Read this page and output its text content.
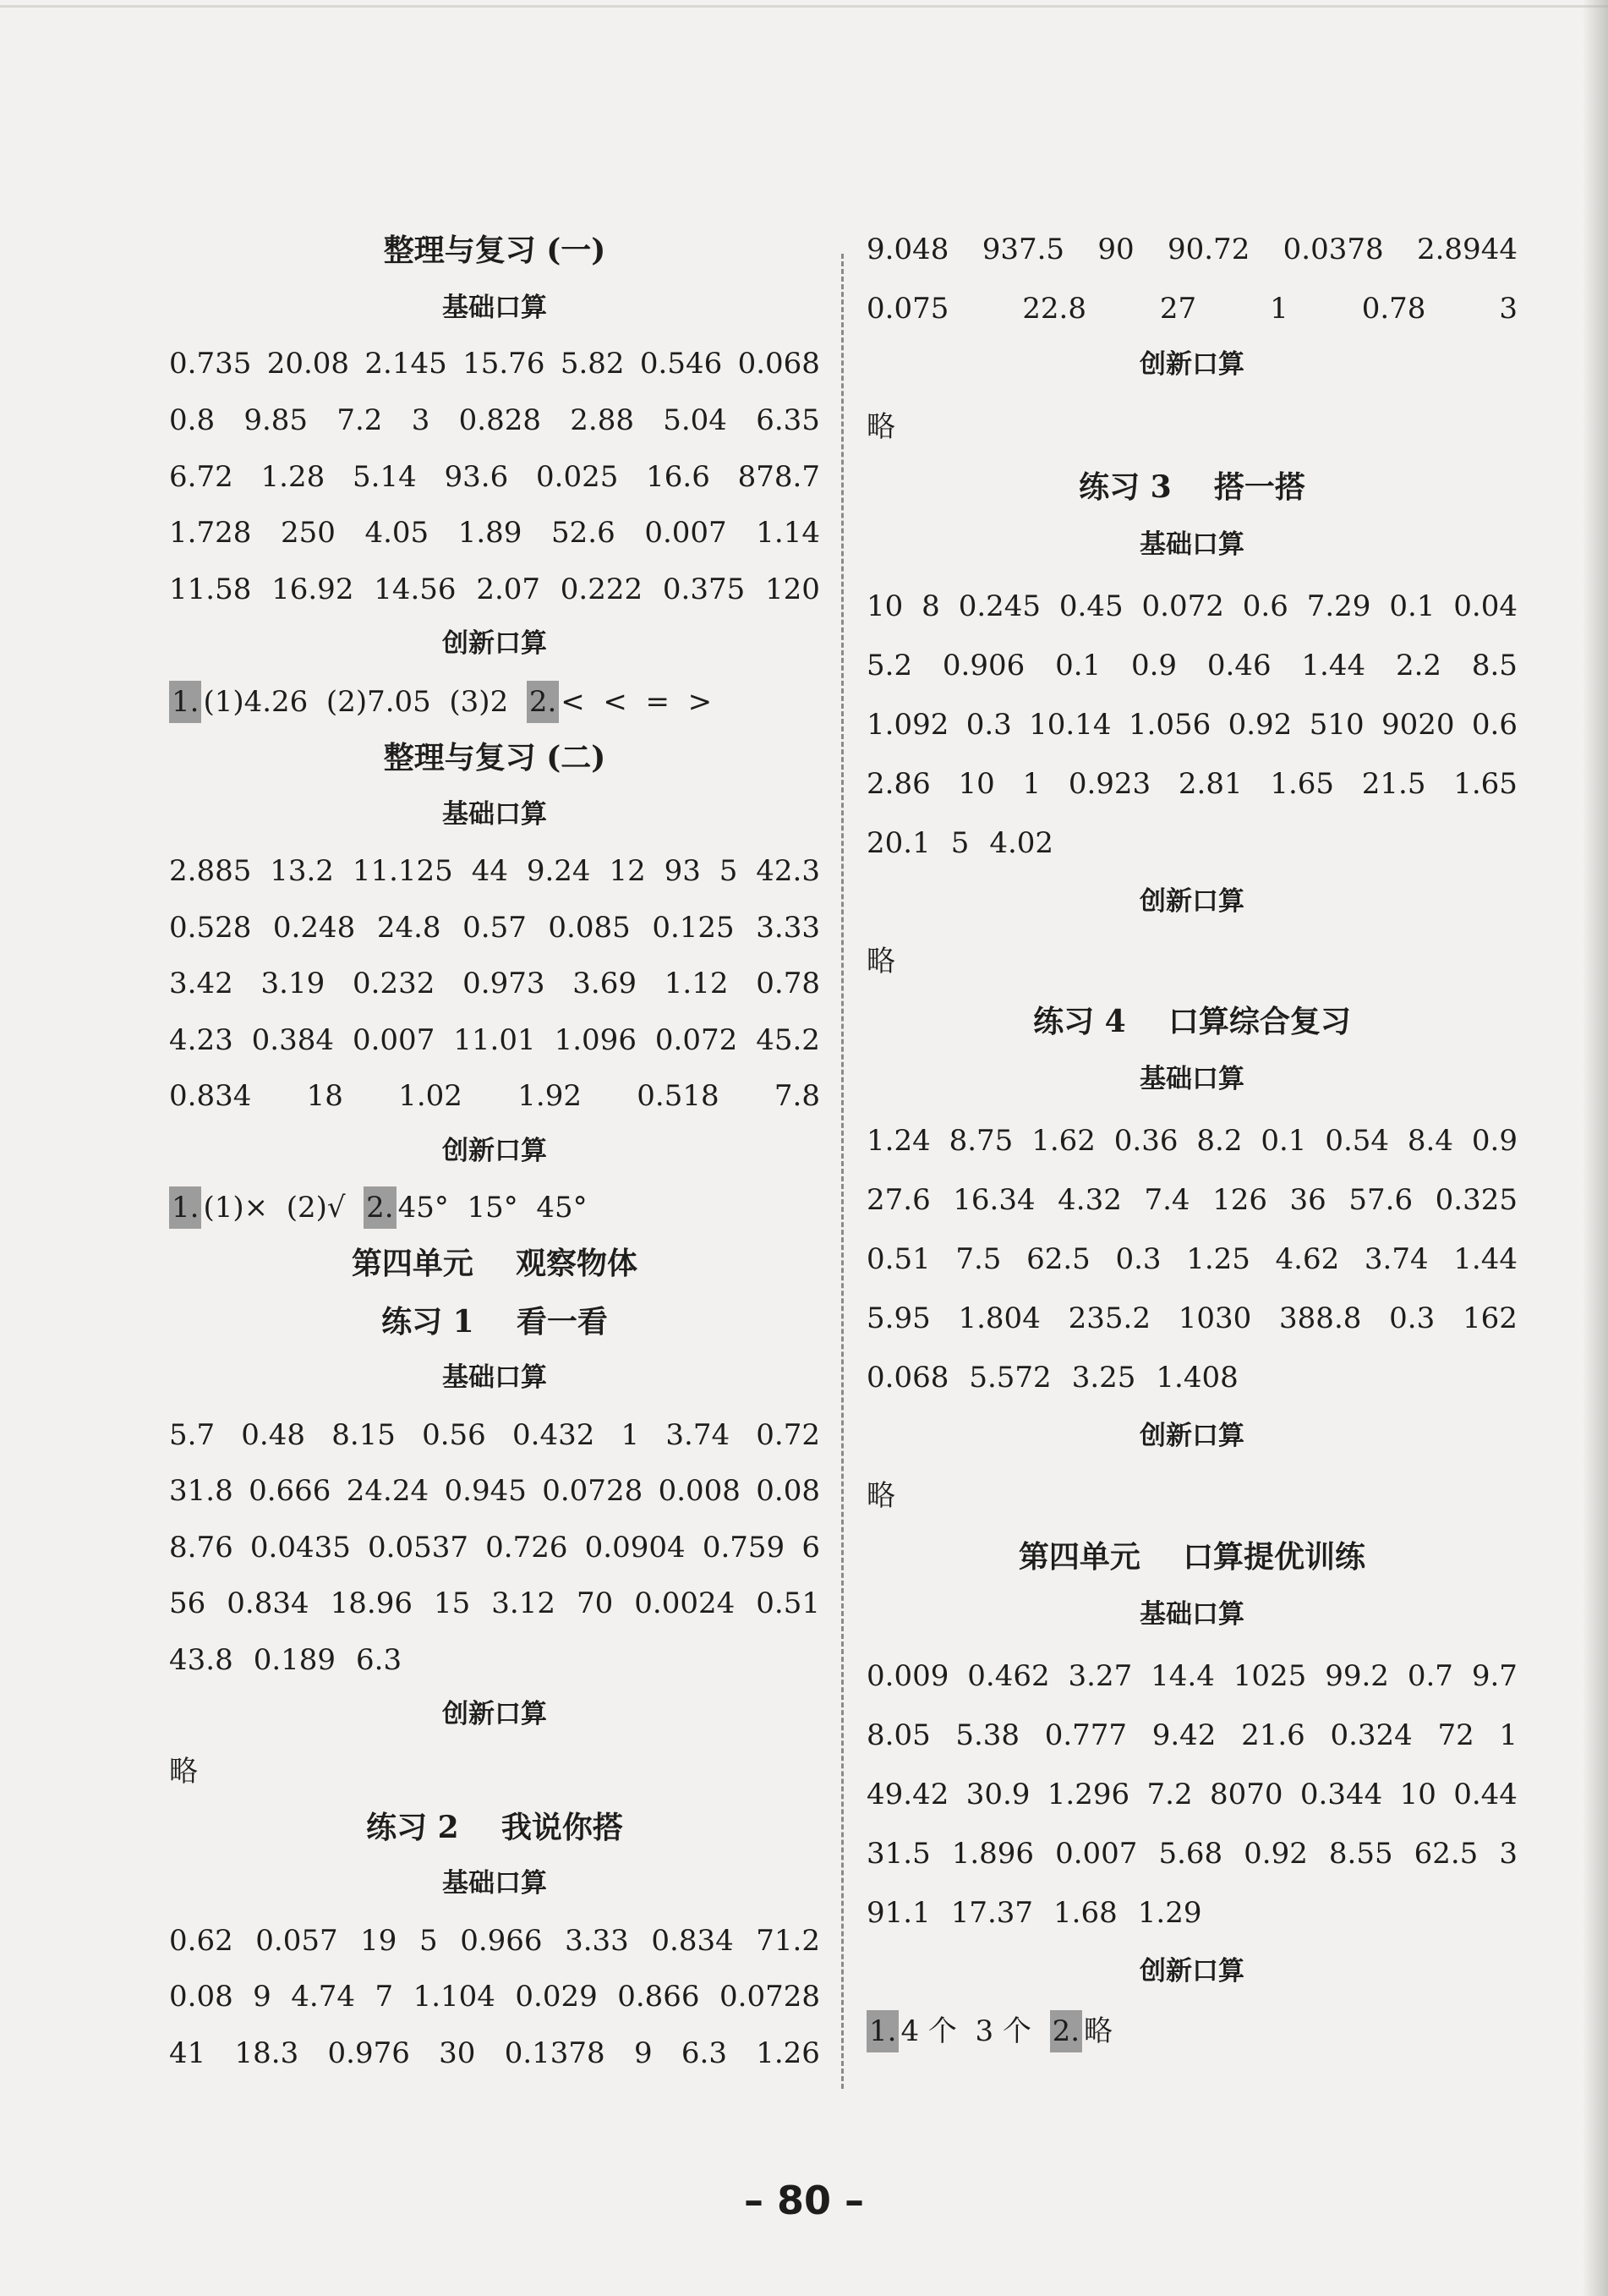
整理与复习 (一)
基础口算
0.735 20.08 2.145 15.76 5.82 0.546 0.068
0.8 9.85 7.2 3 0.828 2.88 5.04 6.35
6.72 1.28 5.14 93.6 0.025 16.6 878.7
1.728 250 4.05 1.89 52.6 0.007 1.14
11.58 16.92 14.56 2.07 0.222 0.375 120
创新口算
1. (1)4.26  (2)7.05  (3)2  2. <  <  =  >
整理与复习 (二)
基础口算
2.885 13.2 11.125 44 9.24 12 93 5 42.3
0.528 0.248 24.8 0.57 0.085 0.125 3.33
3.42 3.19 0.232 0.973 3.69 1.12 0.78
4.23 0.384 0.007 11.01 1.096 0.072 45.2
0.834 18 1.02 1.92 0.518 7.8
创新口算
1. (1)×  (2)√  2. 45°  15°  45°
第四单元    观察物体
练习 1    看一看
基础口算
5.7 0.48 8.15 0.56 0.432 1 3.74 0.72
31.8 0.666 24.24 0.945 0.0728 0.008 0.08
8.76 0.0435 0.0537 0.726 0.0904 0.759 6
56 0.834 18.96 15 3.12 70 0.0024 0.51
43.8 0.189 6.3
创新口算
略
练习 2    我说你搭
基础口算
0.62 0.057 19 5 0.966 3.33 0.834 71.2
0.08 9 4.74 7 1.104 0.029 0.866 0.0728
41 18.3 0.976 30 0.1378 9 6.3 1.26
9.048 937.5 90 90.72 0.0378 2.8944
0.075	22.8	27	1	0.78	3
创新口算
略
练习 3    搭一搭
基础口算
10 8 0.245 0.45 0.072 0.6 7.29 0.1 0.04
5.2 0.906 0.1 0.9 0.46 1.44 2.2 8.5
1.092 0.3 10.14 1.056 0.92 510 9020 0.6
2.86 10 1 0.923 2.81 1.65 21.5 1.65
20.1 5 4.02
创新口算
略
练习 4    口算综合复习
基础口算
1.24 8.75 1.62 0.36 8.2 0.1 0.54 8.4 0.9
27.6 16.34 4.32 7.4 126 36 57.6 0.325
0.51 7.5 62.5 0.3 1.25 4.62 3.74 1.44
5.95 1.804 235.2 1030 388.8 0.3 162
0.068 5.572 3.25 1.408
创新口算
略
第四单元    口算提优训练
基础口算
0.009 0.462 3.27 14.4 1025 99.2 0.7 9.7
8.05 5.38 0.777 9.42 21.6 0.324 72 1
49.42 30.9 1.296 7.2 8070 0.344 10 0.44
31.5 1.896 0.007 5.68 0.92 8.55 62.5 3
91.1 17.37 1.68 1.29
创新口算
1. 4 个  3 个  2. 略
– 80 –
